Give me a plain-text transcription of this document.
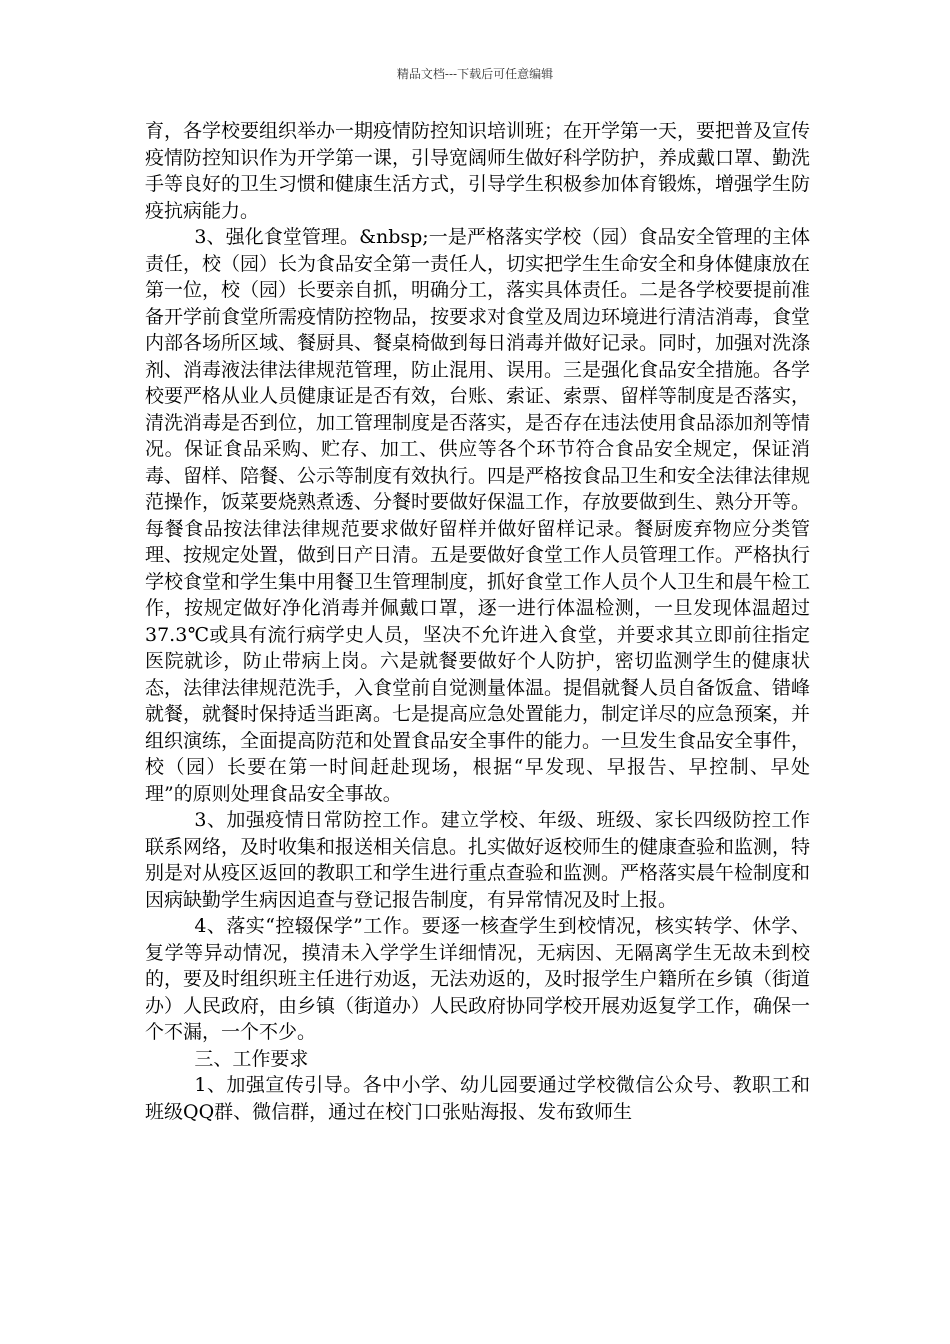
精品文档---下载后可任意编辑

育，各学校要组织举办一期疫情防控知识培训班；在开学第一天，要把普及宣传疫情防控知识作为开学第一课，引导宽阔师生做好科学防护，养成戴口罩、勤洗手等良好的卫生习惯和健康生活方式，引导学生积极参加体育锻炼，增强学生防疫抗病能力。

3、强化食堂管理。&nbsp;一是严格落实学校（园）食品安全管理的主体责任，校（园）长为食品安全第一责任人，切实把学生生命安全和身体健康放在第一位，校（园）长要亲自抓，明确分工，落实具体责任。二是各学校要提前准备开学前食堂所需疫情防控物品，按要求对食堂及周边环境进行清洁消毒，食堂内部各场所区域、餐厨具、餐桌椅做到每日消毒并做好记录。同时，加强对洗涤剂、消毒液法律法律规范管理，防止混用、误用。三是强化食品安全措施。各学校要严格从业人员健康证是否有效，台账、索证、索票、留样等制度是否落实，清洗消毒是否到位，加工管理制度是否落实，是否存在违法使用食品添加剂等情况。保证食品采购、贮存、加工、供应等各个环节符合食品安全规定，保证消毒、留样、陪餐、公示等制度有效执行。四是严格按食品卫生和安全法律法律规范操作，饭菜要烧熟煮透、分餐时要做好保温工作，存放要做到生、熟分开等。每餐食品按法律法律规范要求做好留样并做好留样记录。餐厨废弃物应分类管理、按规定处置，做到日产日清。五是要做好食堂工作人员管理工作。严格执行学校食堂和学生集中用餐卫生管理制度，抓好食堂工作人员个人卫生和晨午检工作，按规定做好净化消毒并佩戴口罩，逐一进行体温检测，一旦发现体温超过37.3℃或具有流行病学史人员，坚决不允许进入食堂，并要求其立即前往指定医院就诊，防止带病上岗。六是就餐要做好个人防护，密切监测学生的健康状态，法律法律规范洗手，入食堂前自觉测量体温。提倡就餐人员自备饭盒、错峰就餐，就餐时保持适当距离。七是提高应急处置能力，制定详尽的应急预案，并组织演练，全面提高防范和处置食品安全事件的能力。一旦发生食品安全事件，校（园）长要在第一时间赶赴现场，根据“早发现、早报告、早控制、早处理”的原则处理食品安全事故。

3、加强疫情日常防控工作。建立学校、年级、班级、家长四级防控工作联系网络，及时收集和报送相关信息。扎实做好返校师生的健康查验和监测，特别是对从疫区返回的教职工和学生进行重点查验和监测。严格落实晨午检制度和因病缺勤学生病因追查与登记报告制度，有异常情况及时上报。

4、落实“控辍保学”工作。要逐一核查学生到校情况，核实转学、休学、复学等异动情况，摸清未入学学生详细情况，无病因、无隔离学生无故未到校的，要及时组织班主任进行劝返，无法劝返的，及时报学生户籍所在乡镇（街道办）人民政府，由乡镇（街道办）人民政府协同学校开展劝返复学工作，确保一个不漏，一个不少。

三、工作要求

1、加强宣传引导。各中小学、幼儿园要通过学校微信公众号、教职工和班级QQ群、微信群，通过在校门口张贴海报、发布致师生
